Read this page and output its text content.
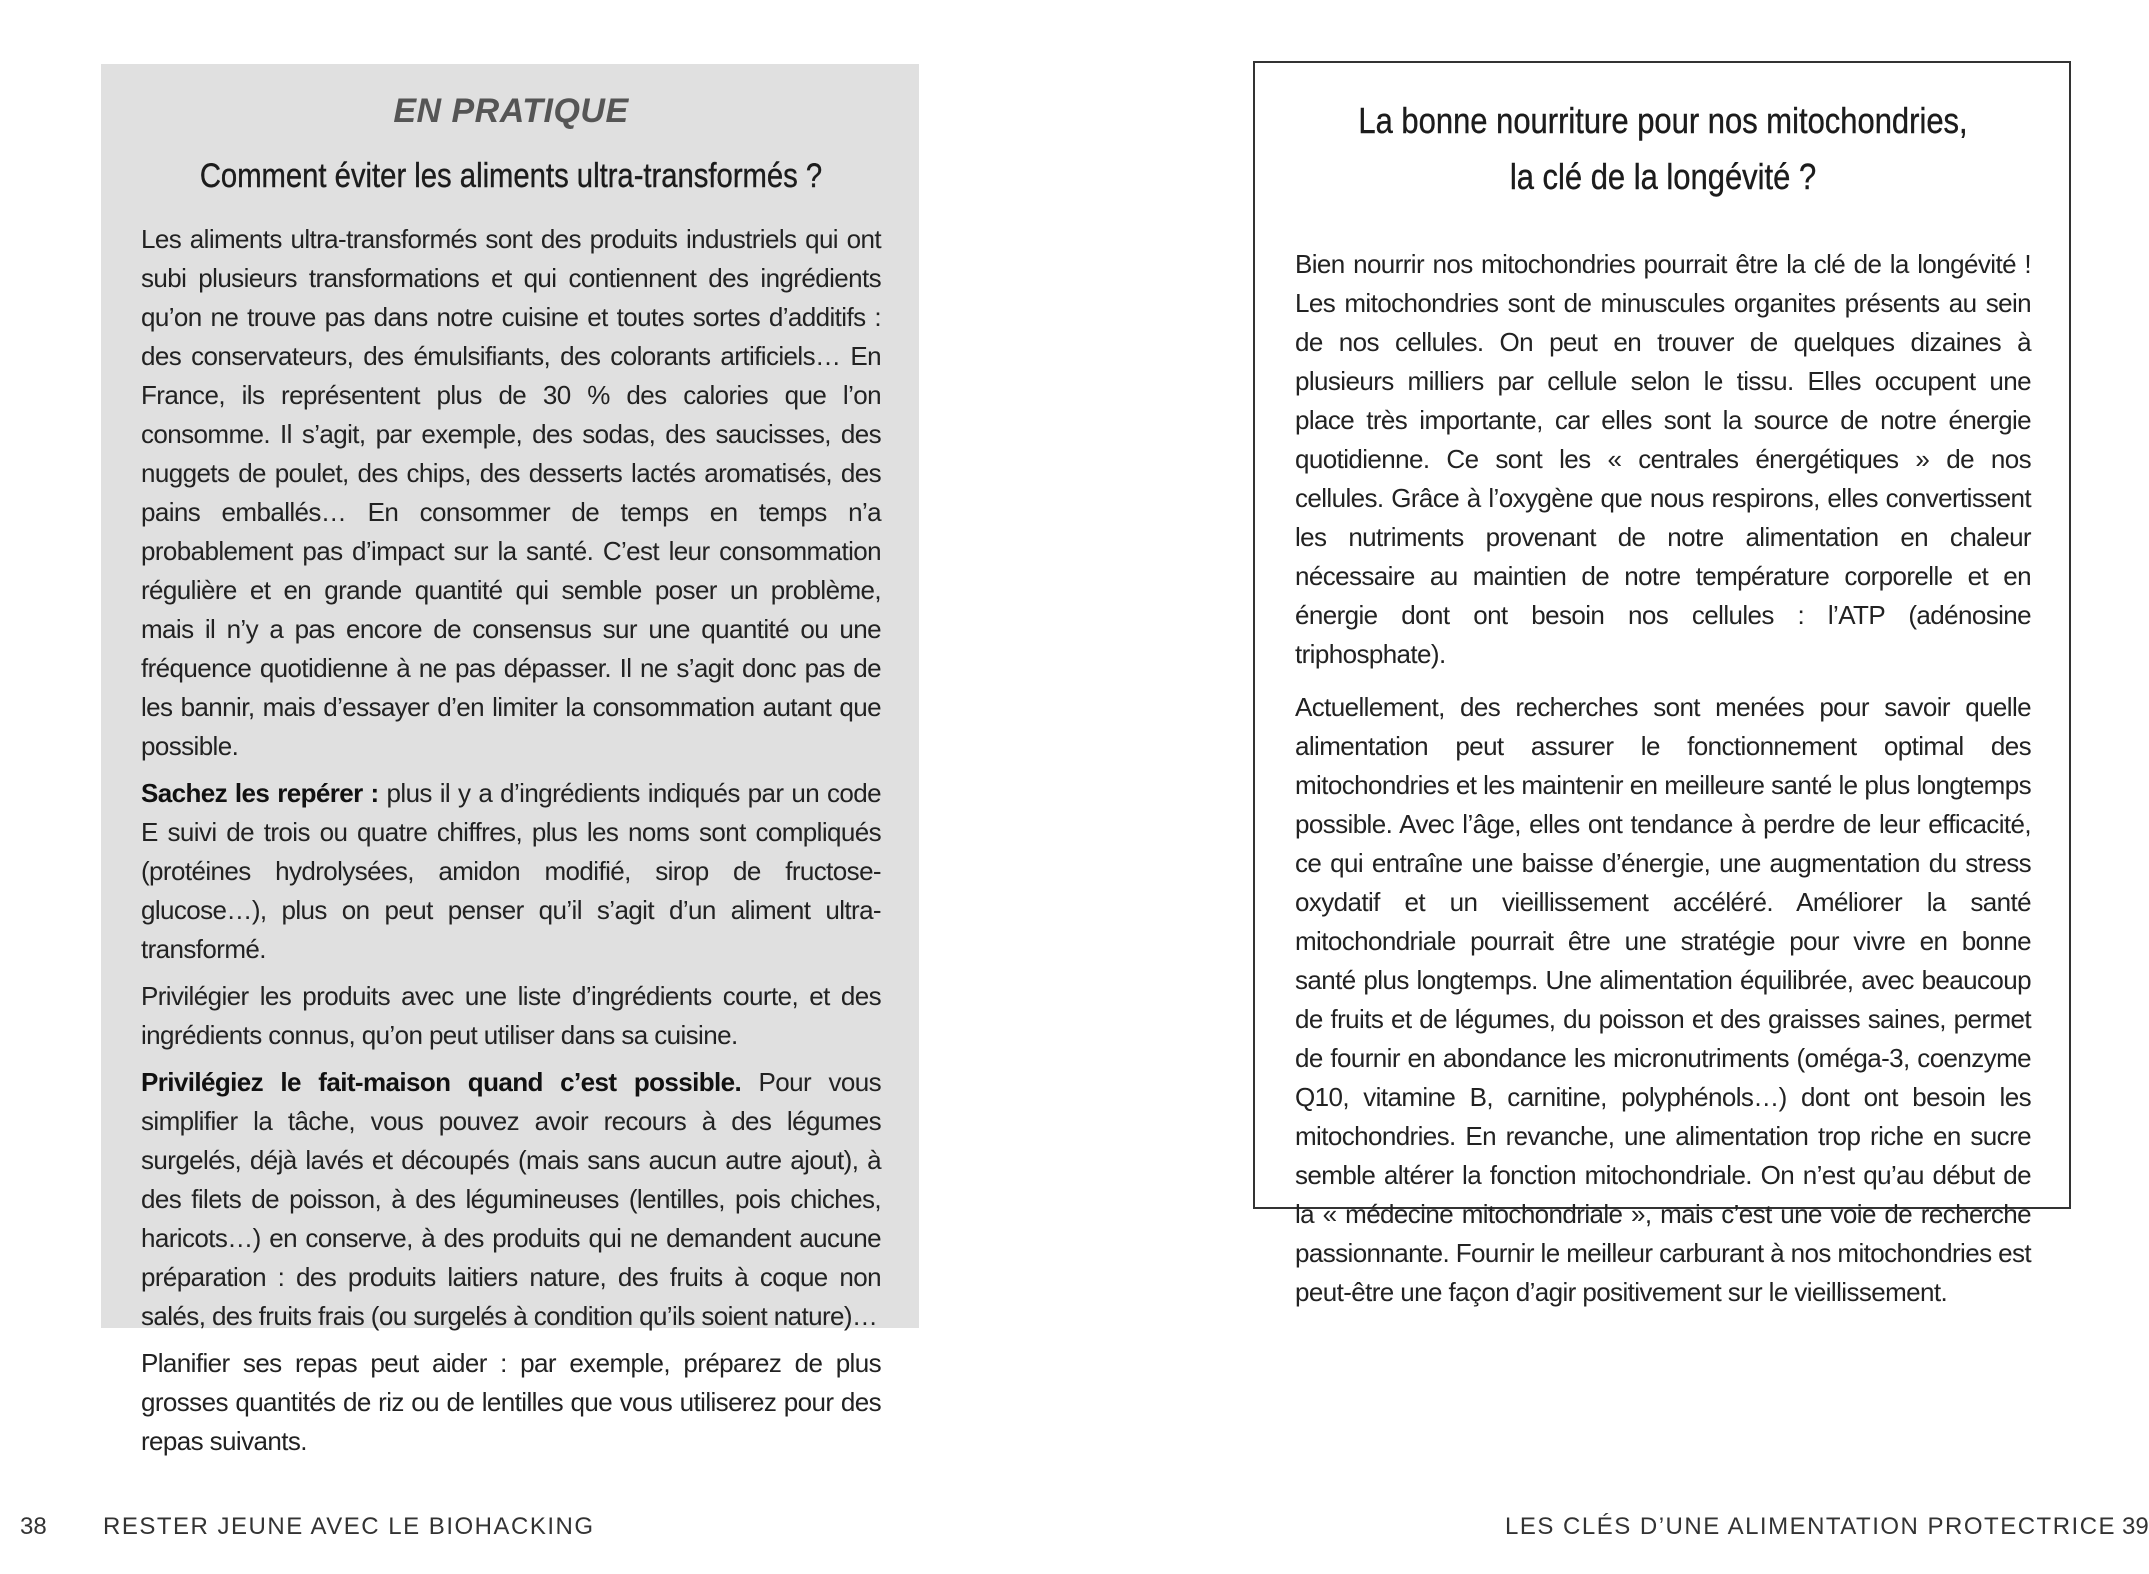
EN PRATIQUE
Comment éviter les aliments ultra-transformés ?

Les aliments ultra-transformés sont des produits industriels qui ont subi plusieurs transformations et qui contiennent des ingrédients qu’on ne trouve pas dans notre cuisine et toutes sortes d’additifs : des conservateurs, des émulsifiants, des colorants artificiels… En France, ils représentent plus de 30 % des calories que l’on consomme. Il s’agit, par exemple, des sodas, des saucisses, des nuggets de poulet, des chips, des desserts lactés aromatisés, des pains emballés… En consommer de temps en temps n’a probablement pas d’impact sur la santé. C’est leur consommation régulière et en grande quantité qui semble poser un problème, mais il n’y a pas encore de consensus sur une quantité ou une fréquence quotidienne à ne pas dépasser. Il ne s’agit donc pas de les bannir, mais d’essayer d’en limiter la consommation autant que possible.

Sachez les repérer : plus il y a d’ingrédients indiqués par un code E suivi de trois ou quatre chiffres, plus les noms sont compliqués (protéines hydrolysées, amidon modifié, sirop de fructose-glucose…), plus on peut penser qu’il s’agit d’un aliment ultra-transformé.

Privilégier les produits avec une liste d’ingrédients courte, et des ingrédients connus, qu’on peut utiliser dans sa cuisine.

Privilégiez le fait-maison quand c’est possible. Pour vous simplifier la tâche, vous pouvez avoir recours à des légumes surgelés, déjà lavés et découpés (mais sans aucun autre ajout), à des filets de poisson, à des légumineuses (lentilles, pois chiches, haricots…) en conserve, à des produits qui ne demandent aucune préparation : des produits laitiers nature, des fruits à coque non salés, des fruits frais (ou surgelés à condition qu’ils soient nature)…

Planifier ses repas peut aider : par exemple, préparez de plus grosses quantités de riz ou de lentilles que vous utiliserez pour des repas suivants.

38 RESTER JEUNE AVEC LE BIOHACKING
La bonne nourriture pour nos mitochondries,
la clé de la longévité ?

Bien nourrir nos mitochondries pourrait être la clé de la longévité ! Les mitochondries sont de minuscules organites présents au sein de nos cellules. On peut en trouver de quelques dizaines à plusieurs milliers par cellule selon le tissu. Elles occupent une place très importante, car elles sont la source de notre énergie quotidienne. Ce sont les « centrales énergétiques » de nos cellules. Grâce à l’oxygène que nous respirons, elles convertissent les nutriments provenant de notre alimentation en chaleur nécessaire au maintien de notre température corporelle et en énergie dont ont besoin nos cellules : l’ATP (adénosine triphosphate).

Actuellement, des recherches sont menées pour savoir quelle alimentation peut assurer le fonctionnement optimal des mitochondries et les maintenir en meilleure santé le plus longtemps possible. Avec l’âge, elles ont tendance à perdre de leur efficacité, ce qui entraîne une baisse d’énergie, une augmentation du stress oxydatif et un vieillissement accéléré. Améliorer la santé mitochondriale pourrait être une stratégie pour vivre en bonne santé plus longtemps. Une alimentation équilibrée, avec beaucoup de fruits et de légumes, du poisson et des graisses saines, permet de fournir en abondance les micronutriments (oméga-3, coenzyme Q10, vitamine B, carnitine, polyphénols…) dont ont besoin les mitochondries. En revanche, une alimentation trop riche en sucre semble altérer la fonction mitochondriale. On n’est qu’au début de la « médecine mitochondriale », mais c’est une voie de recherche passionnante. Fournir le meilleur carburant à nos mitochondries est peut-être une façon d’agir positivement sur le vieillissement.

LES CLÉS D’UNE ALIMENTATION PROTECTRICE 39
